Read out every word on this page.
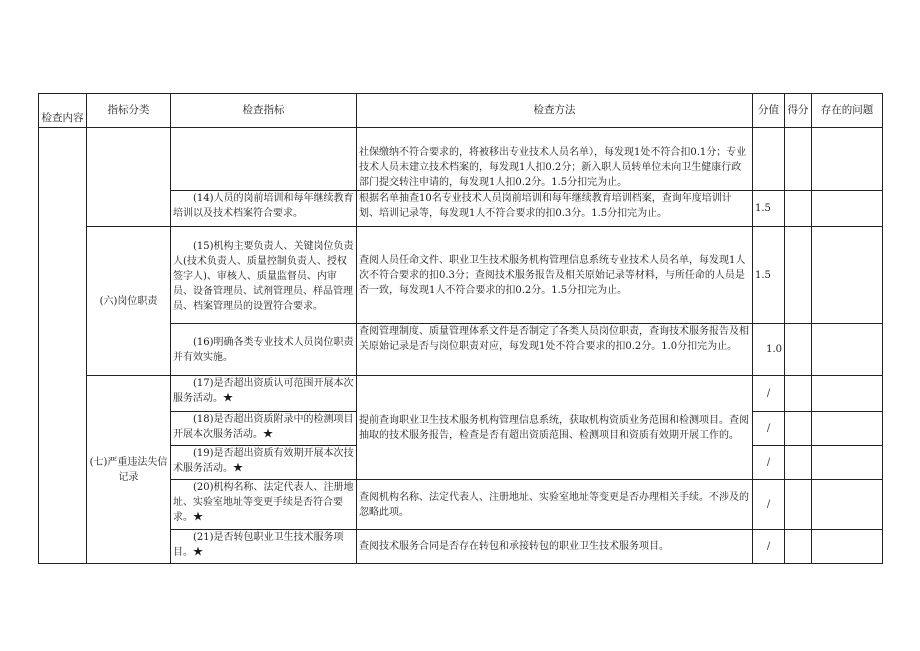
检查内容	指标分类	检查指标	检查方法	分值	得分	存在的问题
			社保缴纳不符合要求的，将被移出专业技术人员名单），每发现1处不符合扣0.1分；专业技术人员未建立技术档案的，每发现1人扣0.2分；新入职人员转单位未向卫生健康行政部门提交转注申请的，每发现1人扣0.2分。1.5分扣完为止。			
		(14)人员的岗前培训和每年继续教育培训以及技术档案符合要求。	根据名单抽查10名专业技术人员岗前培训和每年继续教育培训档案，查询年度培训计划、培训记录等，每发现1人不符合要求的扣0.3分。1.5分扣完为止。	1.5		
	(六)岗位职责	(15)机构主要负责人、关键岗位负责人(技术负责人、质量控制负责人、授权签字人)、审核人、质量监督员、内审员、设备管理员、试剂管理员、样品管理员、档案管理员的设置符合要求。	查阅人员任命文件、职业卫生技术服务机构管理信息系统专业技术人员名单，每发现1人次不符合要求的扣0.3分；查阅技术服务报告及相关原始记录等材料，与所任命的人员是否一致，每发现1人不符合要求的扣0.2分。1.5分扣完为止。	1.5		
		(16)明确各类专业技术人员岗位职责并有效实施。	查阅管理制度、质量管理体系文件是否制定了各类人员岗位职责，查询技术服务报告及相关原始记录是否与岗位职责对应，每发现1处不符合要求的扣0.2分。1.0分扣完为止。	1.0		
	(七)严重违法失信记录	(17)是否超出资质认可范围开展本次服务活动。★	提前查询职业卫生技术服务机构管理信息系统，获取机构资质业务范围和检测项目。查阅抽取的技术服务报告，检查是否有超出资质范围、检测项目和资质有效期开展工作的。	/		
		(18)是否超出资质附录中的检测项目开展本次服务活动。★		/		
		(19)是否超出资质有效期开展本次技术服务活动。★		/		
		(20)机构名称、法定代表人、注册地址、实验室地址等变更手续是否符合要求。★	查阅机构名称、法定代表人、注册地址、实验室地址等变更是否办理相关手续。不涉及的忽略此项。	/		
		(21)是否转包职业卫生技术服务项目。★	查阅技术服务合同是否存在转包和承接转包的职业卫生技术服务项目。	/		
